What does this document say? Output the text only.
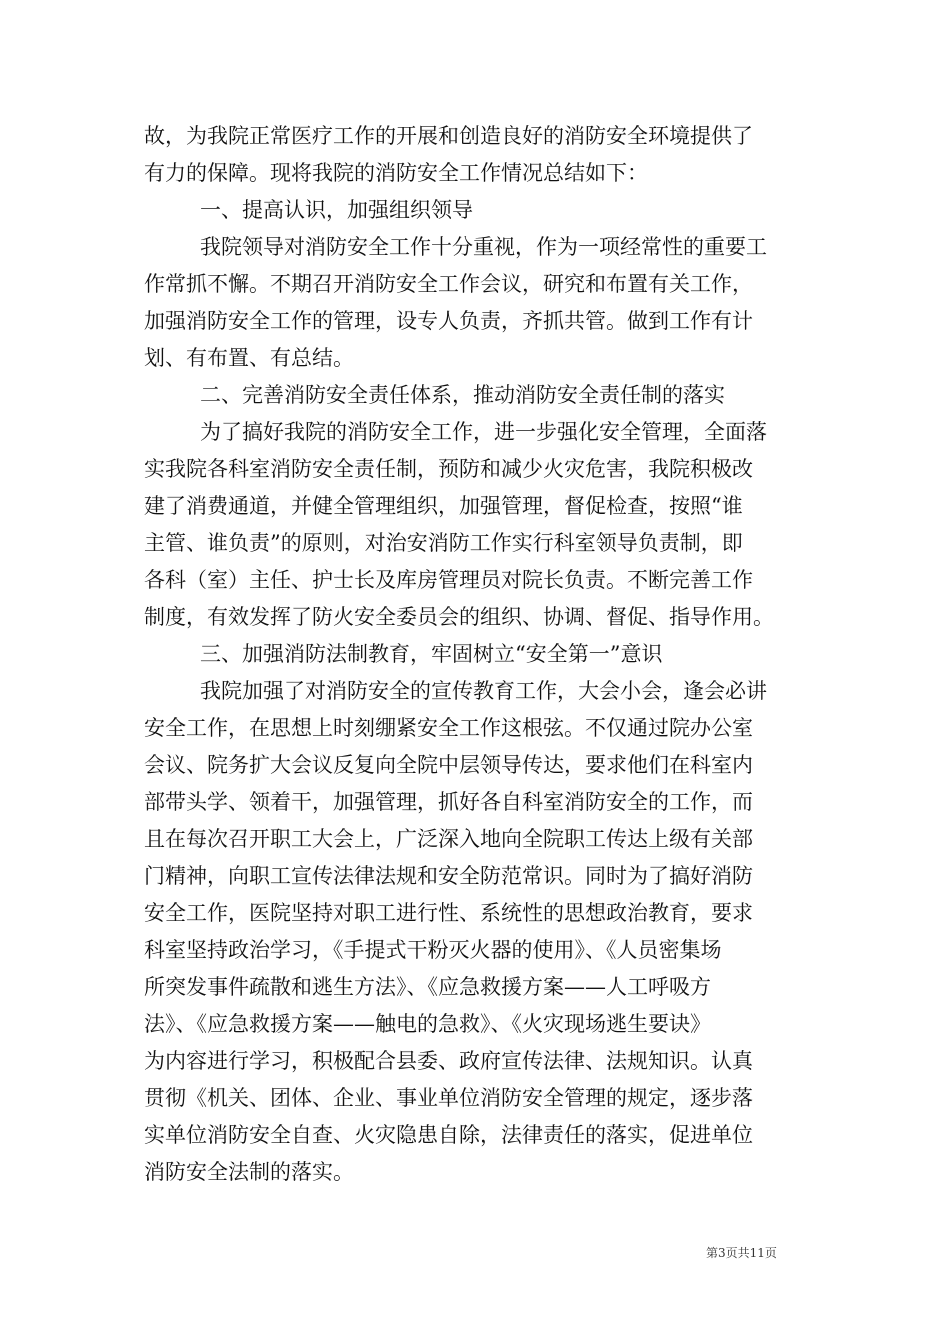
故，为我院正常医疗工作的开展和创造良好的消防安全环境提供了
有力的保障。现将我院的消防安全工作情况总结如下：
一、提高认识，加强组织领导
我院领导对消防安全工作十分重视，作为一项经常性的重要工
作常抓不懈。不期召开消防安全工作会议，研究和布置有关工作，
加强消防安全工作的管理，设专人负责，齐抓共管。做到工作有计
划、有布置、有总结。
二、完善消防安全责任体系，推动消防安全责任制的落实
为了搞好我院的消防安全工作，进一步强化安全管理，全面落
实我院各科室消防安全责任制，预防和减少火灾危害，我院积极改
建了消费通道，并健全管理组织，加强管理，督促检查，按照“谁
主管、谁负责”的原则，对治安消防工作实行科室领导负责制，即
各科（室）主任、护士长及库房管理员对院长负责。不断完善工作
制度，有效发挥了防火安全委员会的组织、协调、督促、指导作用。
三、加强消防法制教育，牢固树立“安全第一”意识
我院加强了对消防安全的宣传教育工作，大会小会，逢会必讲
安全工作，在思想上时刻绷紧安全工作这根弦。不仅通过院办公室
会议、院务扩大会议反复向全院中层领导传达，要求他们在科室内
部带头学、领着干，加强管理，抓好各自科室消防安全的工作，而
且在每次召开职工大会上，广泛深入地向全院职工传达上级有关部
门精神，向职工宣传法律法规和安全防范常识。同时为了搞好消防
安全工作，医院坚持对职工进行性、系统性的思想政治教育，要求
科室坚持政治学习，《手提式干粉灭火器的使用》、《人员密集场
所突发事件疏散和逃生方法》、《应急救援方案——人工呼吸方
法》、《应急救援方案——触电的急救》、《火灾现场逃生要诀》
为内容进行学习，积极配合县委、政府宣传法律、法规知识。认真
贯彻《机关、团体、企业、事业单位消防安全管理的规定，逐步落
实单位消防安全自查、火灾隐患自除，法律责任的落实，促进单位
消防安全法制的落实。
第3页共11页
